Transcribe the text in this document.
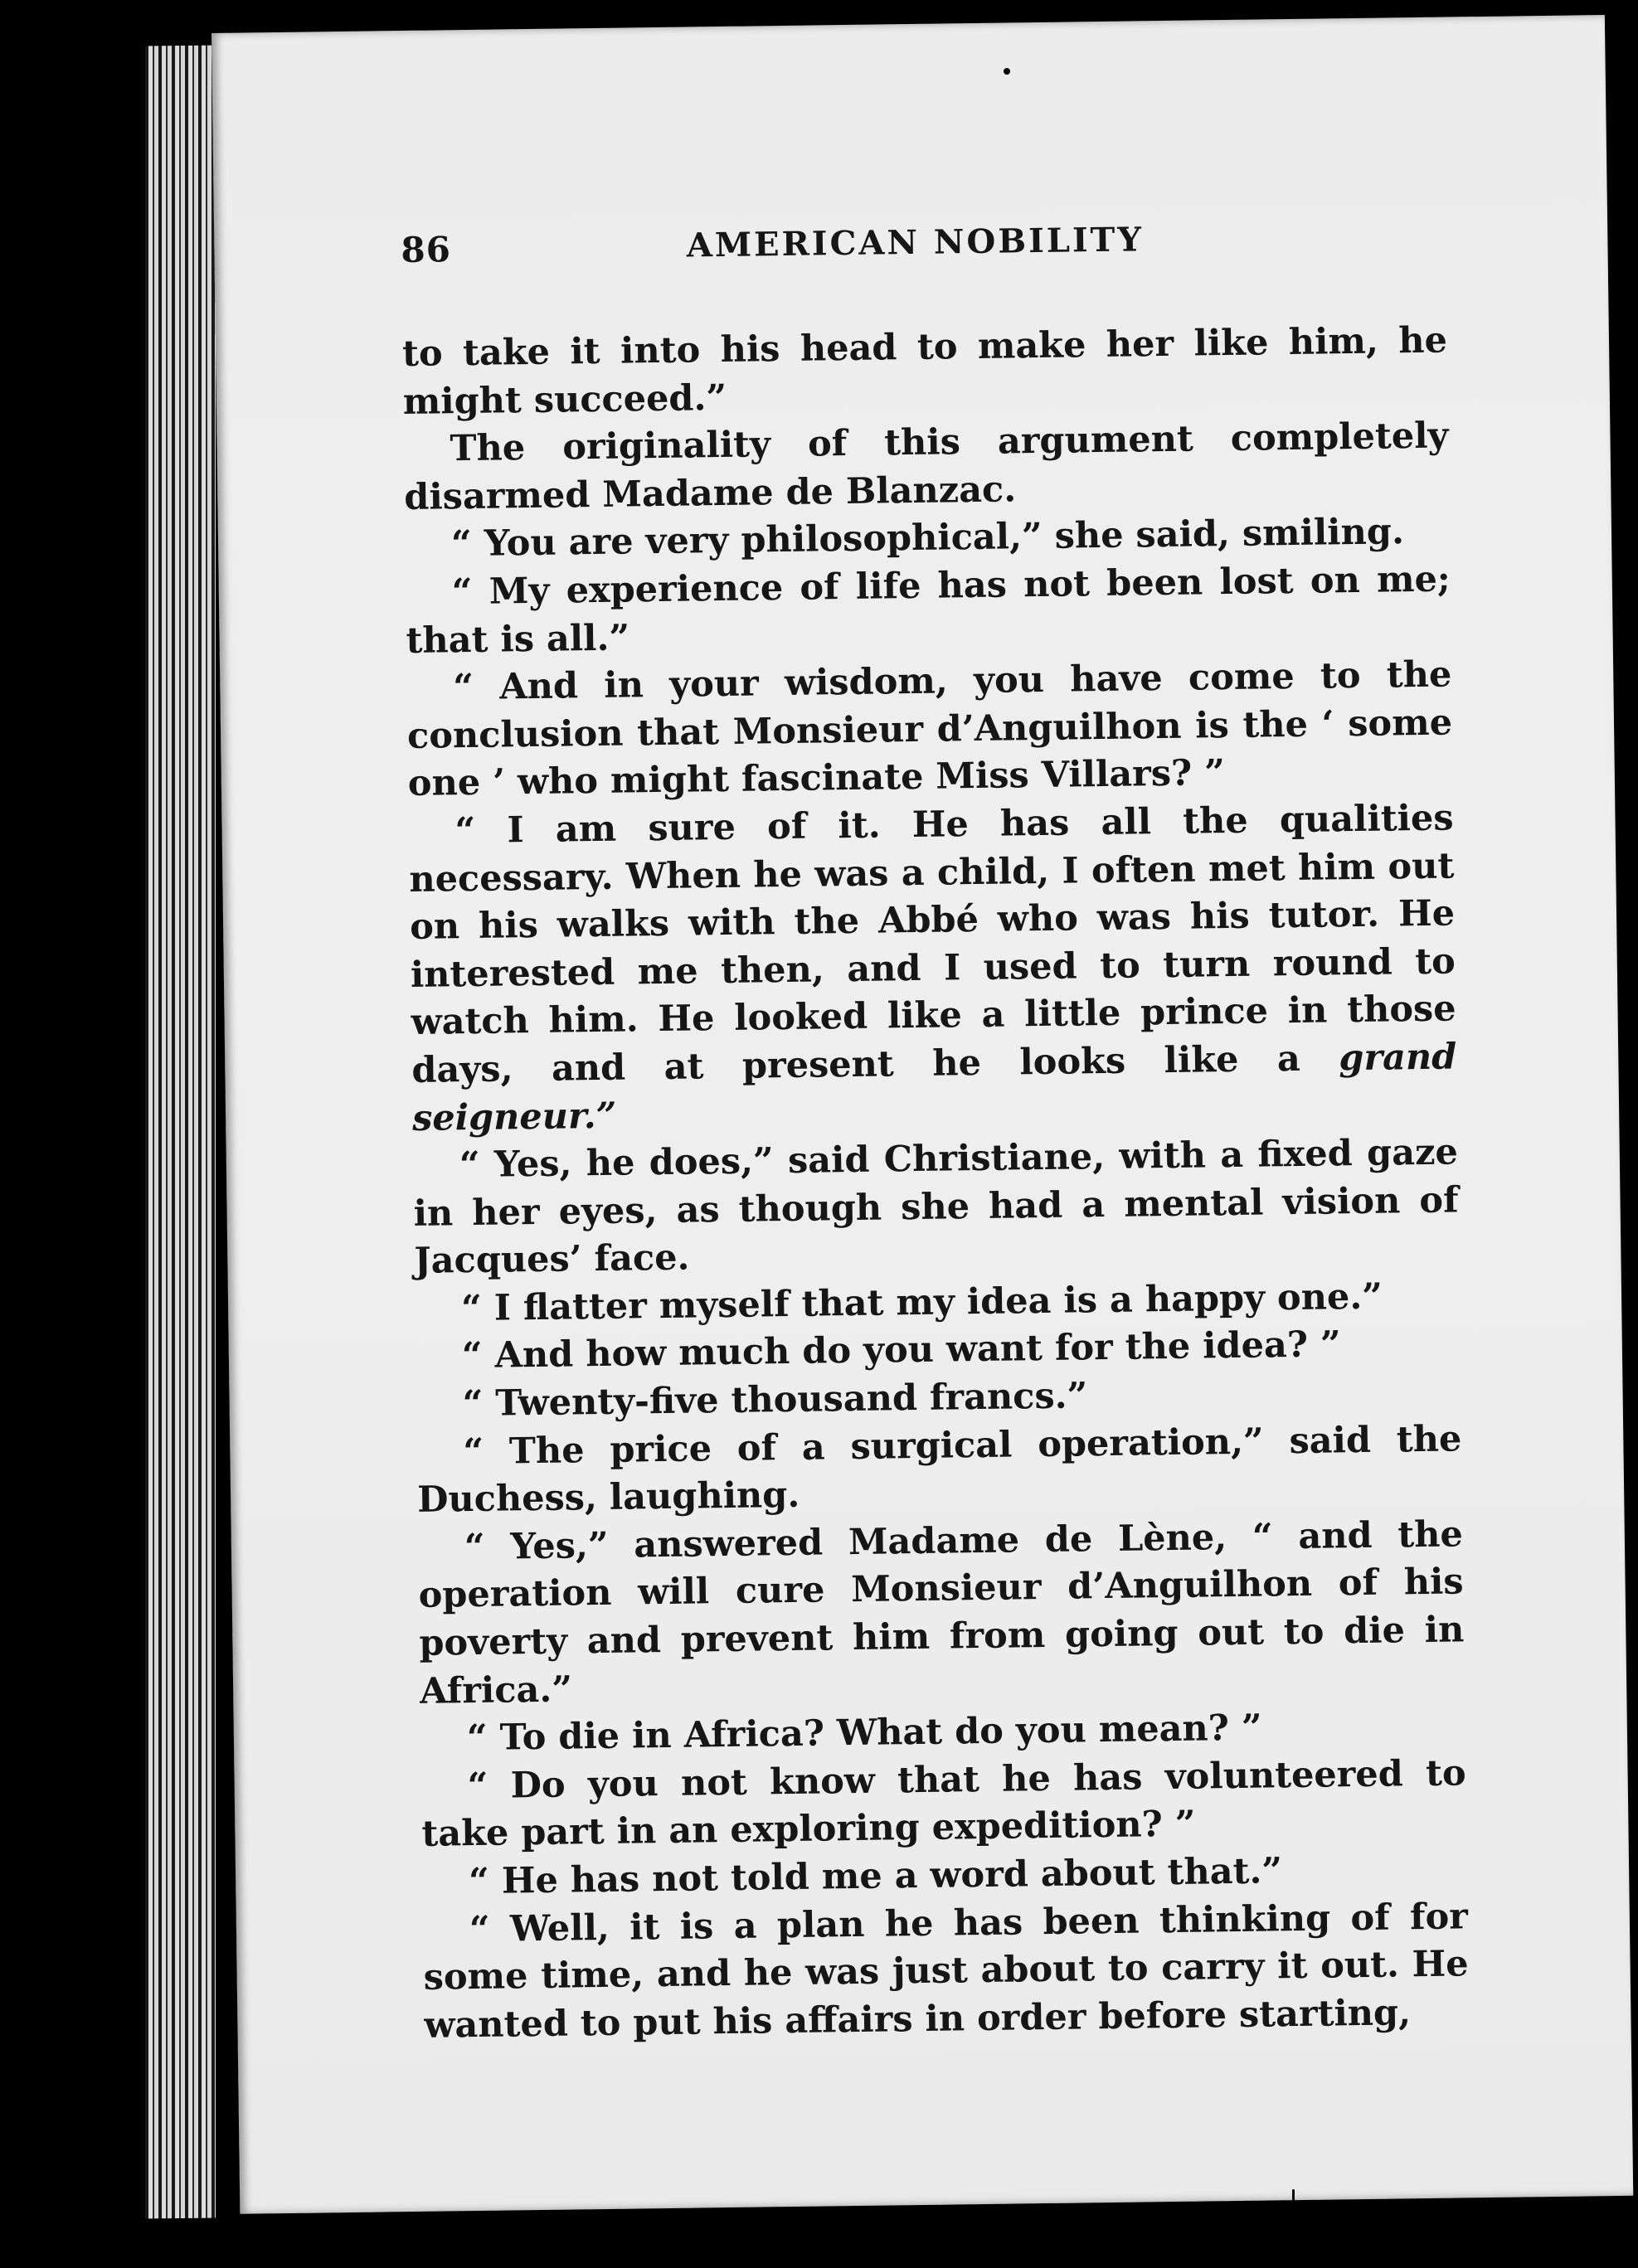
86	AMERICAN NOBILITY

to take it into his head to make her like him, he might succeed.”

The originality of this argument completely disarmed Madame de Blanzac.

“ You are very philosophical,” she said, smiling.

“ My experience of life has not been lost on me; that is all.”

“ And in your wisdom, you have come to the conclusion that Monsieur d’Anguilhon is the ‘ some one ’ who might fascinate Miss Villars? ”

“ I am sure of it. He has all the qualities necessary. When he was a child, I often met him out on his walks with the Abbé who was his tutor. He interested me then, and I used to turn round to watch him. He looked like a little prince in those days, and at present he looks like a grand seigneur.”

“ Yes, he does,” said Christiane, with a fixed gaze in her eyes, as though she had a mental vision of Jacques’ face.

“ I flatter myself that my idea is a happy one.”

“ And how much do you want for the idea? ”

“ Twenty-five thousand francs.”

“ The price of a surgical operation,” said the Duchess, laughing.

“ Yes,” answered Madame de Lène, “ and the operation will cure Monsieur d’Anguilhon of his poverty and prevent him from going out to die in Africa.”

“ To die in Africa? What do you mean? ”

“ Do you not know that he has volunteered to take part in an exploring expedition? ”

“ He has not told me a word about that.”

“ Well, it is a plan he has been thinking of for some time, and he was just about to carry it out. He wanted to put his affairs in order before starting,
